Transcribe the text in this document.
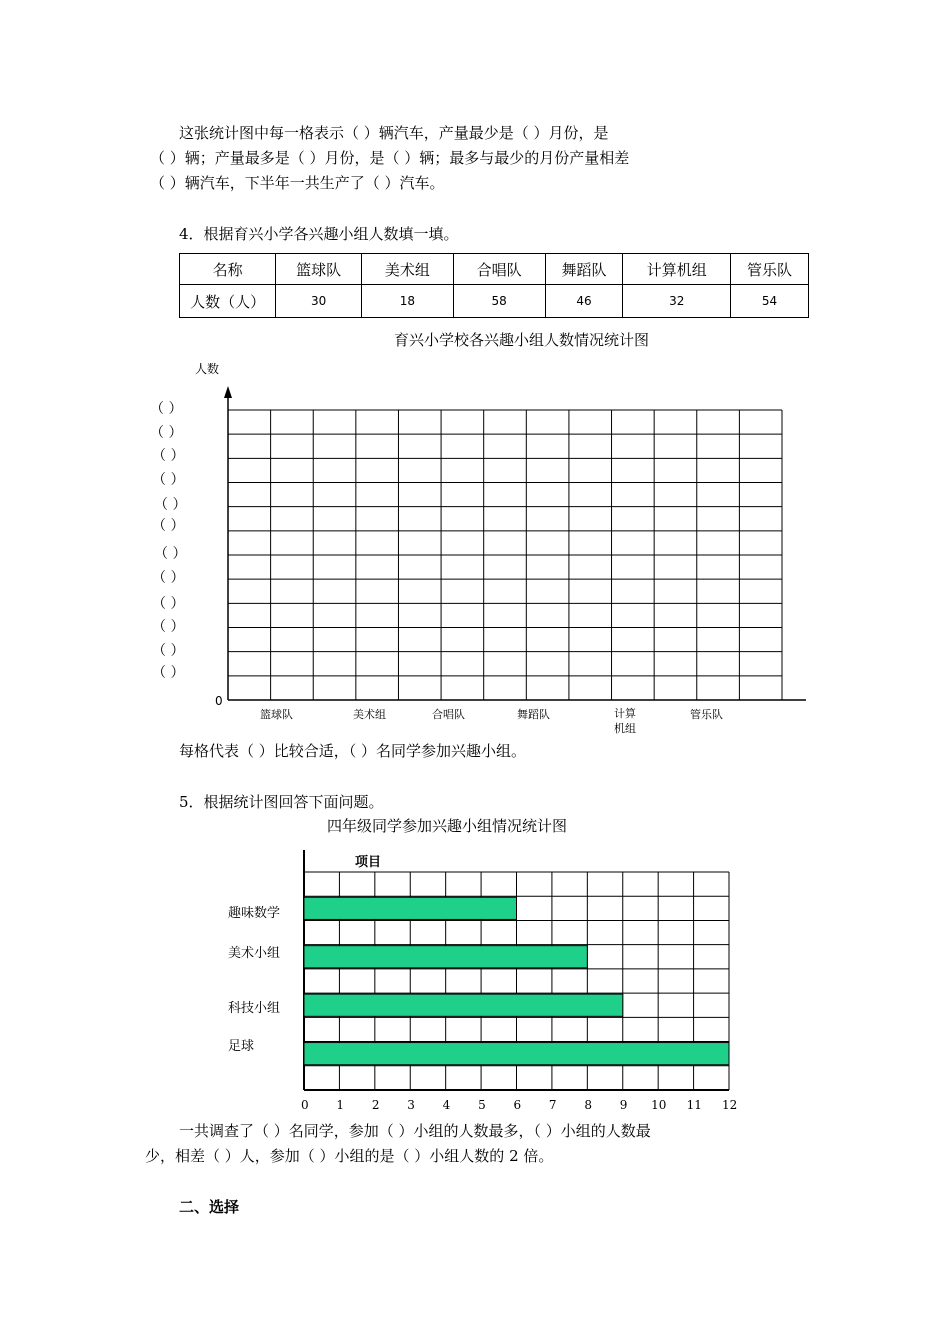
这张统计图中每一格表示（ ）辆汽车，产量最少是（ ）月份，是
（ ）辆；产量最多是（ ）月份，是（ ）辆；最多与最少的月份产量相差
（ ）辆汽车，下半年一共生产了（ ）汽车。
4．根据育兴小学各兴趣小组人数填一填。
名称	篮球队	美术组	合唱队	舞蹈队	计算机组	管乐队
人数（人）	30	18	58	46	32	54
育兴小学校各兴趣小组人数情况统计图
人数
0
篮球队	美术组	合唱队	舞蹈队	计算
机组
管乐队
（ ）
（ ）
（ ）
（ ）
（ ）
（ ）
（ ）
（ ）
（ ）
（ ）
（ ）
（ ）
每格代表（ ）比较合适，（ ）名同学参加兴趣小组。
5．根据统计图回答下面问题。
四年级同学参加兴趣小组情况统计图
趣味数学
美术小组
科技小组
足球
0 1 2 3 4 5 6 7 8 9 10 11 12
项目
一共调查了（ ）名同学，参加（ ）小组的人数最多，（ ）小组的人数最
少，相差（ ）人，参加（ ）小组的是（ ）小组人数的 2 倍。
二、选择
